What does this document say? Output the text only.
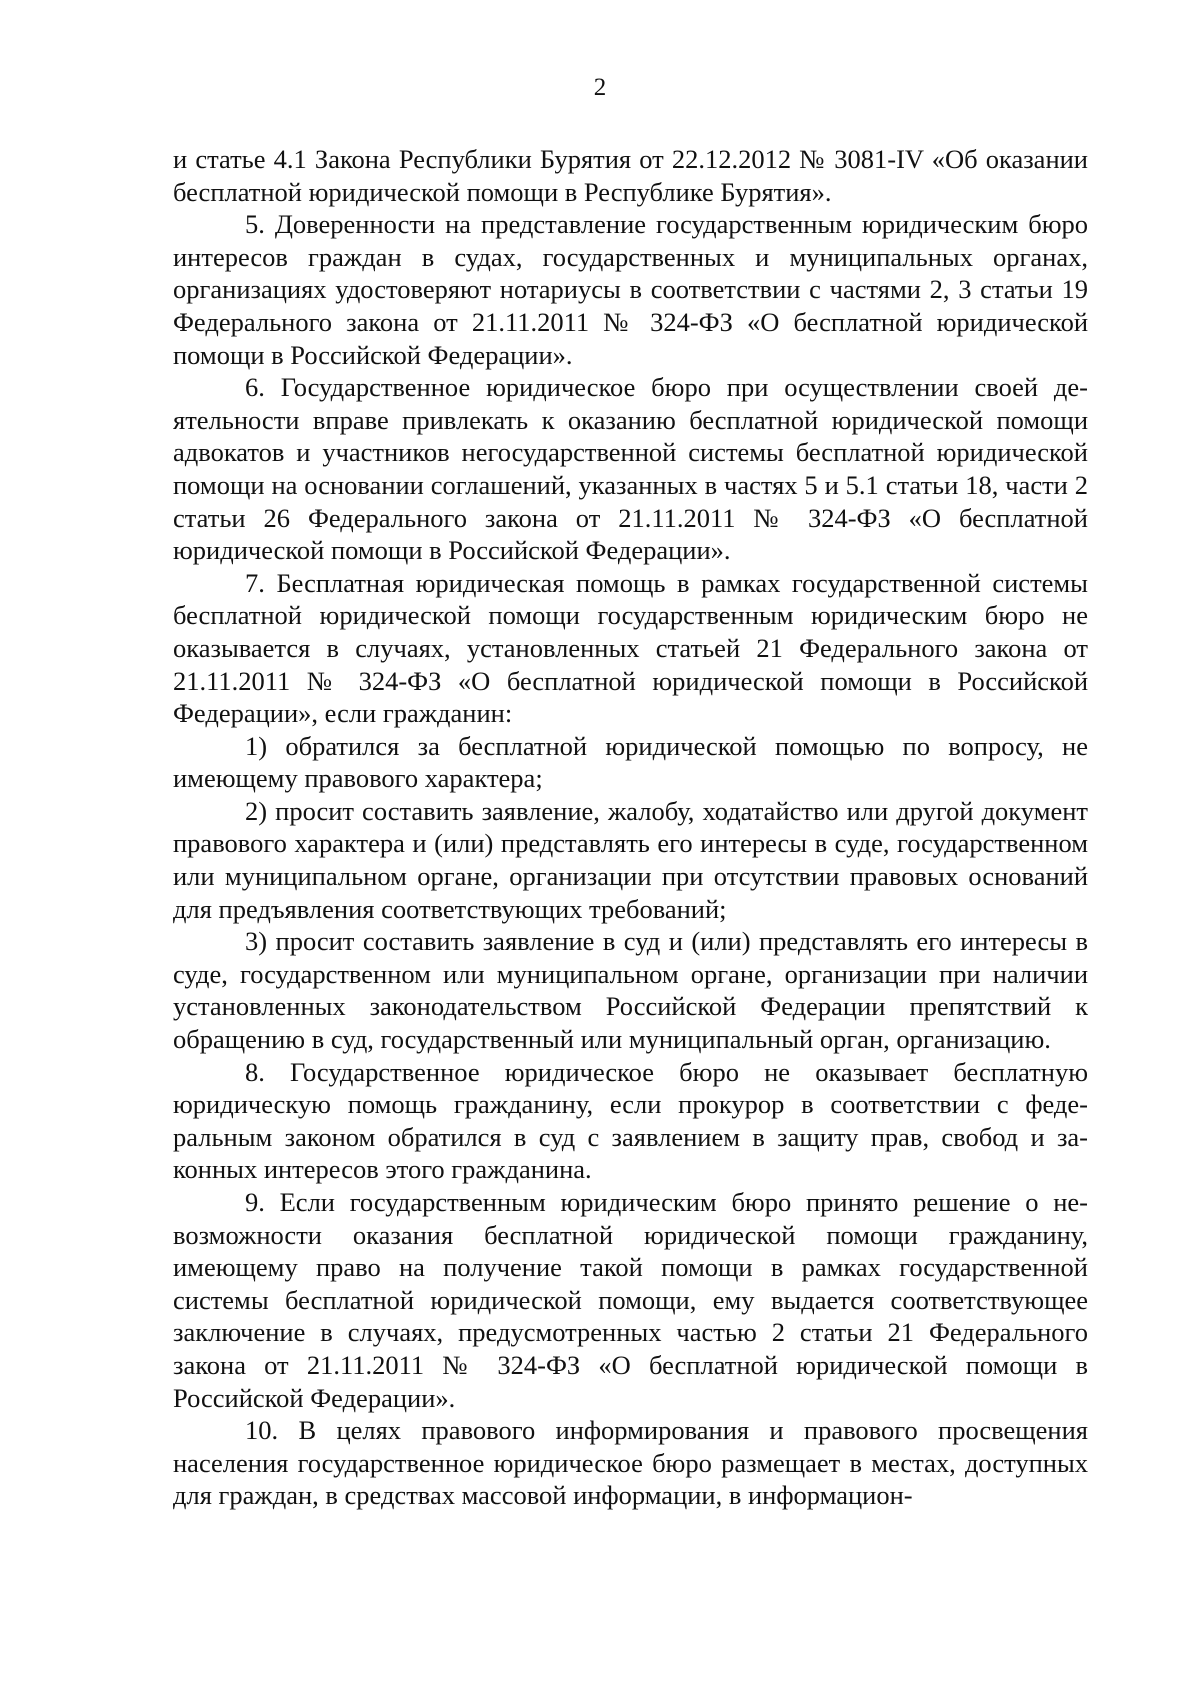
2

и статье 4.1 Закона Республики Бурятия от 22.12.2012 № 3081-IV «Об оказании бесплатной юридической помощи в Республике Бурятия».

5. Доверенности на представление государственным юридическим бюро интересов граждан в судах, государственных и муниципальных органах, организациях удостоверяют нотариусы в соответствии с частями 2, 3 статьи 19 Федерального закона от 21.11.2011 № 324-ФЗ «О бесплатной юридической помощи в Российской Федерации».

6. Государственное юридическое бюро при осуществлении своей деятельности вправе привлекать к оказанию бесплатной юридической помощи адвокатов и участников негосударственной системы бесплатной юридической помощи на основании соглашений, указанных в частях 5 и 5.1 статьи 18, части 2 статьи 26 Федерального закона от 21.11.2011 № 324-ФЗ «О бесплатной юридической помощи в Российской Федерации».

7. Бесплатная юридическая помощь в рамках государственной системы бесплатной юридической помощи государственным юридическим бюро не оказывается в случаях, установленных статьей 21 Федерального закона от 21.11.2011 № 324-ФЗ «О бесплатной юридической помощи в Российской Федерации», если гражданин:

1) обратился за бесплатной юридической помощью по вопросу, не имеющему правового характера;

2) просит составить заявление, жалобу, ходатайство или другой документ правового характера и (или) представлять его интересы в суде, государственном или муниципальном органе, организации при отсутствии правовых оснований для предъявления соответствующих требований;

3) просит составить заявление в суд и (или) представлять его интересы в суде, государственном или муниципальном органе, организации при наличии установленных законодательством Российской Федерации препятствий к обращению в суд, государственный или муниципальный орган, организацию.

8. Государственное юридическое бюро не оказывает бесплатную юридическую помощь гражданину, если прокурор в соответствии с федеральным законом обратился в суд с заявлением в защиту прав, свобод и законных интересов этого гражданина.

9. Если государственным юридическим бюро принято решение о невозможности оказания бесплатной юридической помощи гражданину, имеющему право на получение такой помощи в рамках государственной системы бесплатной юридической помощи, ему выдается соответствующее заключение в случаях, предусмотренных частью 2 статьи 21 Федерального закона от 21.11.2011 № 324-ФЗ «О бесплатной юридической помощи в Российской Федерации».

10. В целях правового информирования и правового просвещения населения государственное юридическое бюро размещает в местах, доступных для граждан, в средствах массовой информации, в информацион-
